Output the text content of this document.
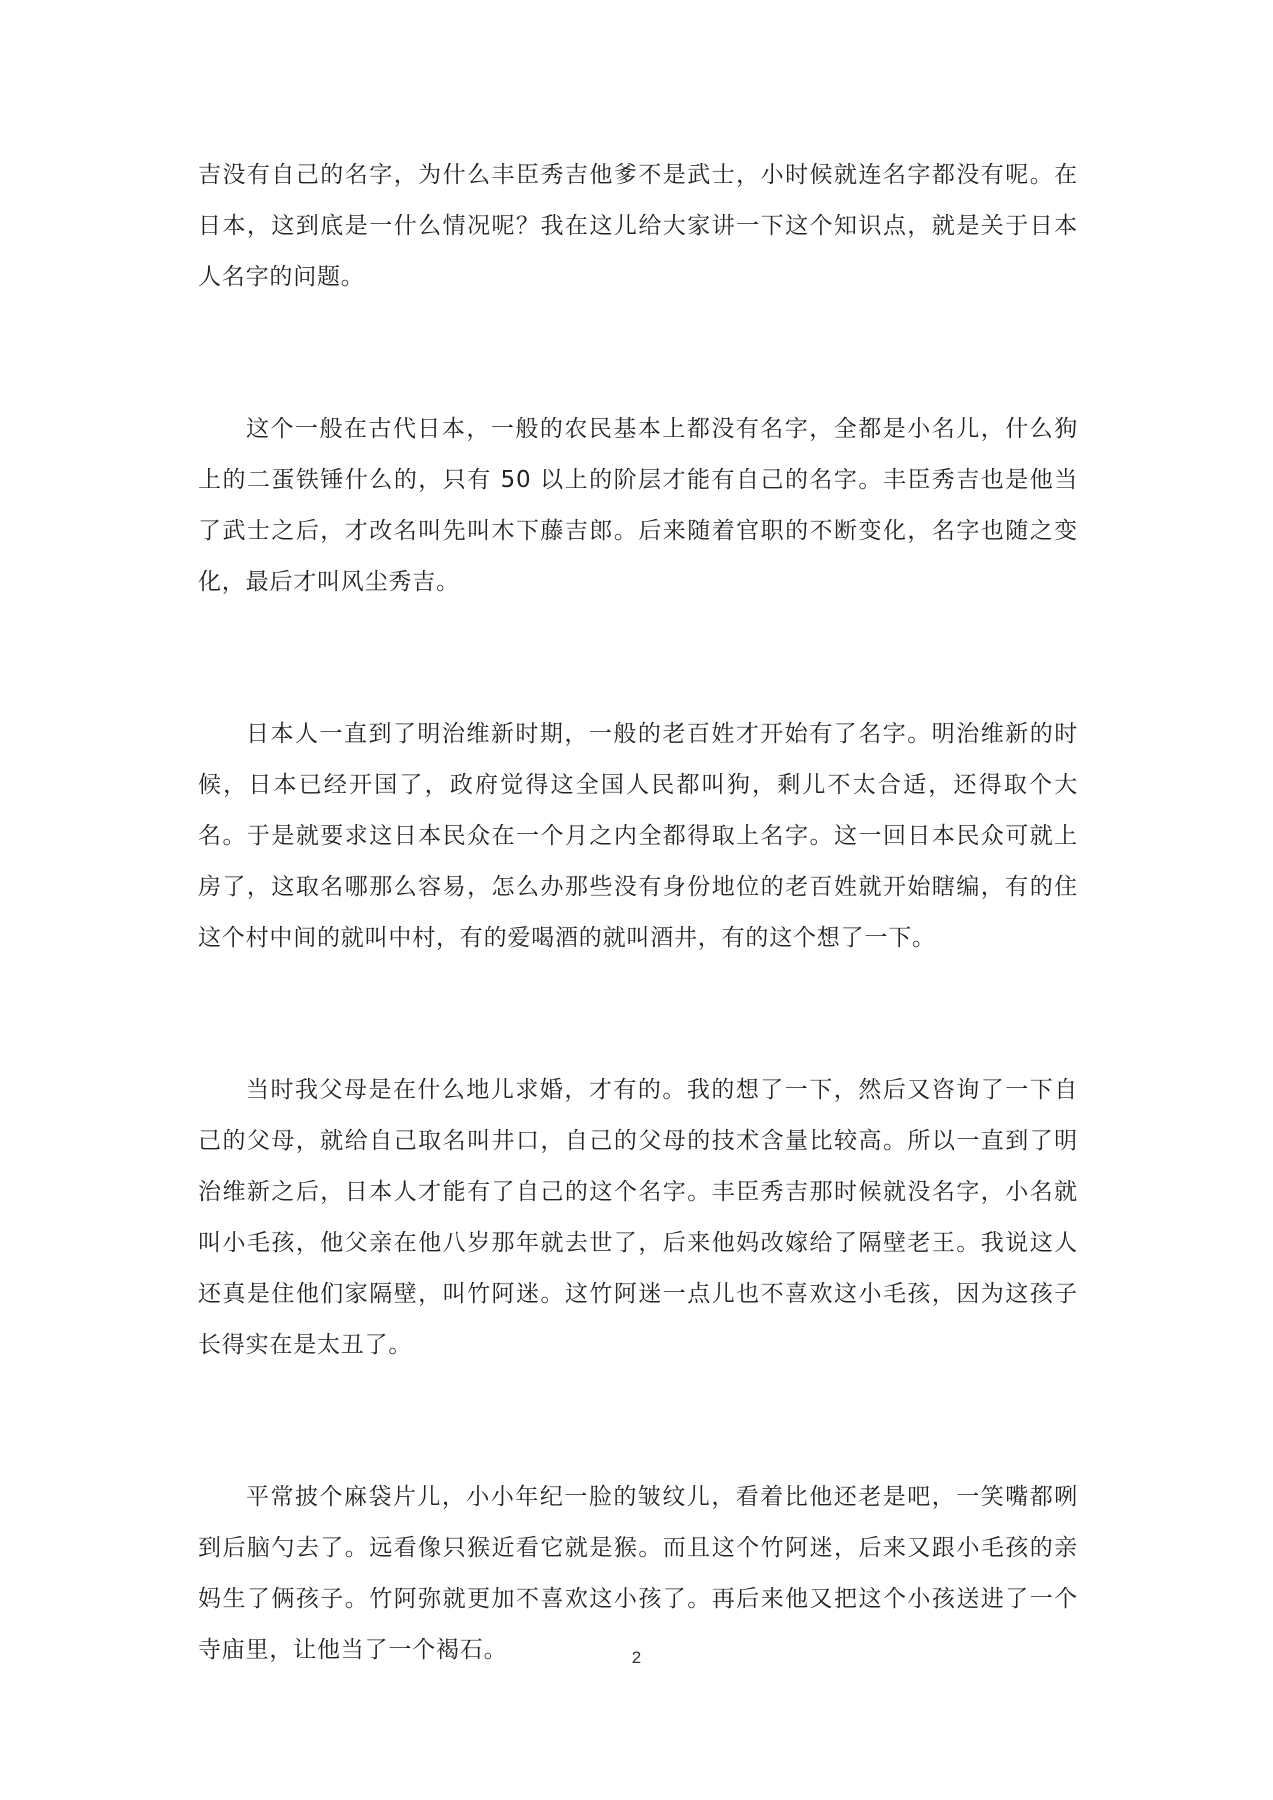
吉没有自己的名字，为什么丰臣秀吉他爹不是武士，小时候就连名字都没有呢。在日本，这到底是一什么情况呢？我在这儿给大家讲一下这个知识点，就是关于日本人名字的问题。

这个一般在古代日本，一般的农民基本上都没有名字，全都是小名儿，什么狗上的二蛋铁锤什么的，只有 50 以上的阶层才能有自己的名字。丰臣秀吉也是他当了武士之后，才改名叫先叫木下藤吉郎。后来随着官职的不断变化，名字也随之变化，最后才叫风尘秀吉。

日本人一直到了明治维新时期，一般的老百姓才开始有了名字。明治维新的时候，日本已经开国了，政府觉得这全国人民都叫狗，剩儿不太合适，还得取个大名。于是就要求这日本民众在一个月之内全都得取上名字。这一回日本民众可就上房了，这取名哪那么容易，怎么办那些没有身份地位的老百姓就开始瞎编，有的住这个村中间的就叫中村，有的爱喝酒的就叫酒井，有的这个想了一下。

当时我父母是在什么地儿求婚，才有的。我的想了一下，然后又咨询了一下自己的父母，就给自己取名叫井口，自己的父母的技术含量比较高。所以一直到了明治维新之后，日本人才能有了自己的这个名字。丰臣秀吉那时候就没名字，小名就叫小毛孩，他父亲在他八岁那年就去世了，后来他妈改嫁给了隔壁老王。我说这人还真是住他们家隔壁，叫竹阿迷。这竹阿迷一点儿也不喜欢这小毛孩，因为这孩子长得实在是太丑了。

平常披个麻袋片儿，小小年纪一脸的皱纹儿，看着比他还老是吧，一笑嘴都咧到后脑勺去了。远看像只猴近看它就是猴。而且这个竹阿迷，后来又跟小毛孩的亲妈生了俩孩子。竹阿弥就更加不喜欢这小孩了。再后来他又把这个小孩送进了一个寺庙里，让他当了一个褐石。	2
